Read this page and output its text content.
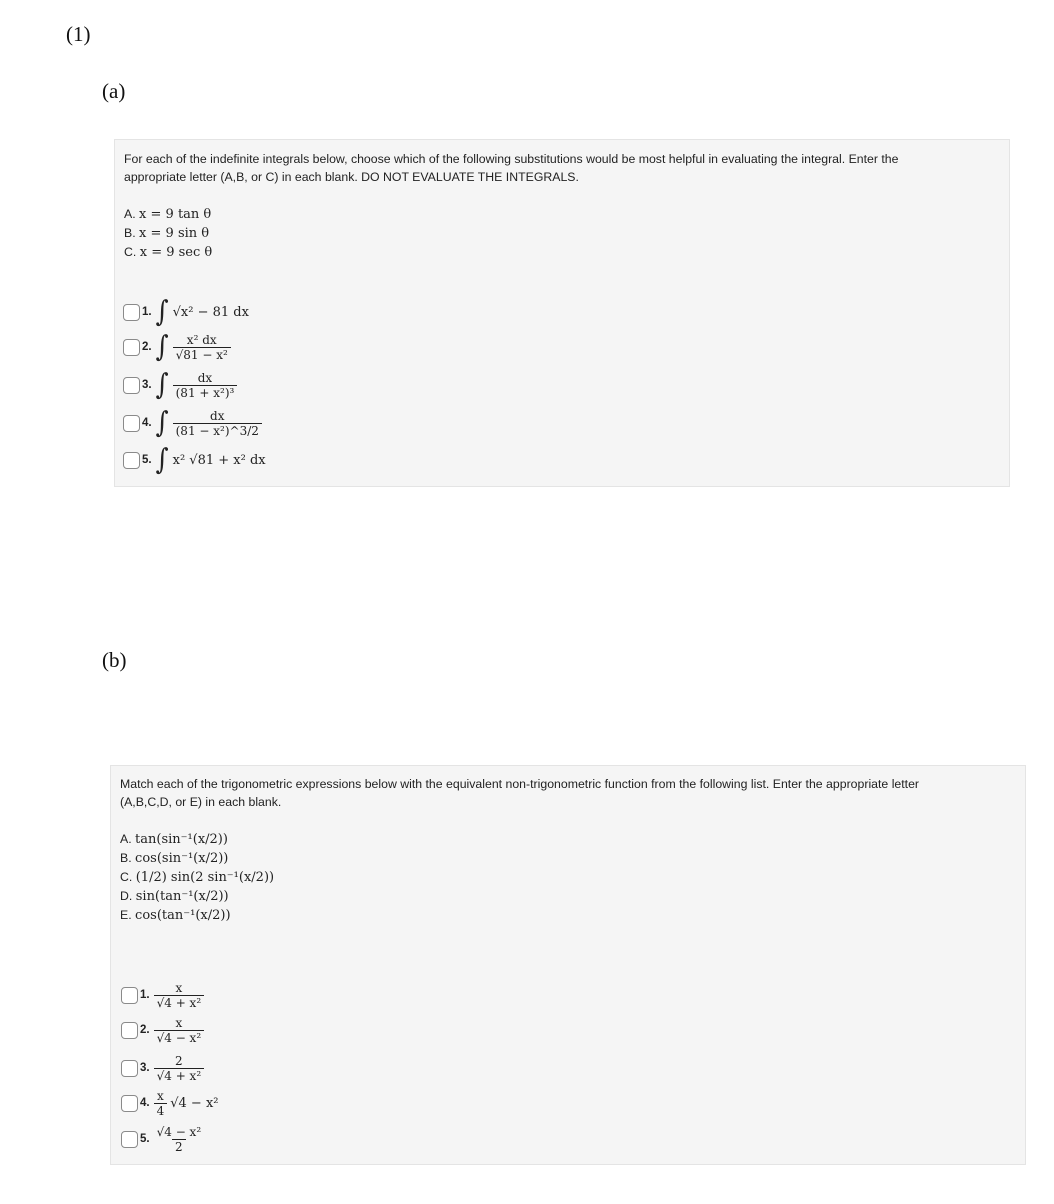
(1)
(a)
For each of the indefinite integrals below, choose which of the following substitutions would be most helpful in evaluating the integral. Enter the
appropriate letter (A,B, or C) in each blank. DO NOT EVALUATE THE INTEGRALS.
A. x = 9 tan θ
B. x = 9 sin θ
C. x = 9 sec θ
1. ∫ √x² − 81 dx
2. ∫ $\frac{\text{x² dx}}{\text{√81 − x²}}$
3. ∫ $\frac{dx}{\text{(81 + x²)³}}$
4. ∫ $\frac{dx}{\text{(81 − x²)\textasciicircum{}3/2}}$
5. ∫ x² √81 + x² dx
(b)
Match each of the trigonometric expressions below with the equivalent non-trigonometric function from the following list. Enter the appropriate letter
(A,B,C,D, or E) in each blank.
A. tan(sin⁻¹(x/2))
B. cos(sin⁻¹(x/2))
C. (1/2) sin(2 sin⁻¹(x/2))
D. sin(tan⁻¹(x/2))
E. cos(tan⁻¹(x/2))
1. $\frac{x}{\text{√4 + x²}}$
2. $\frac{x}{\text{√4 − x²}}$
3. $\frac{2}{\text{√4 + x²}}$
4. $\frac{x}{4} √4 - x^2$
5. $\frac{\text{√4 − x²}}{2}$
